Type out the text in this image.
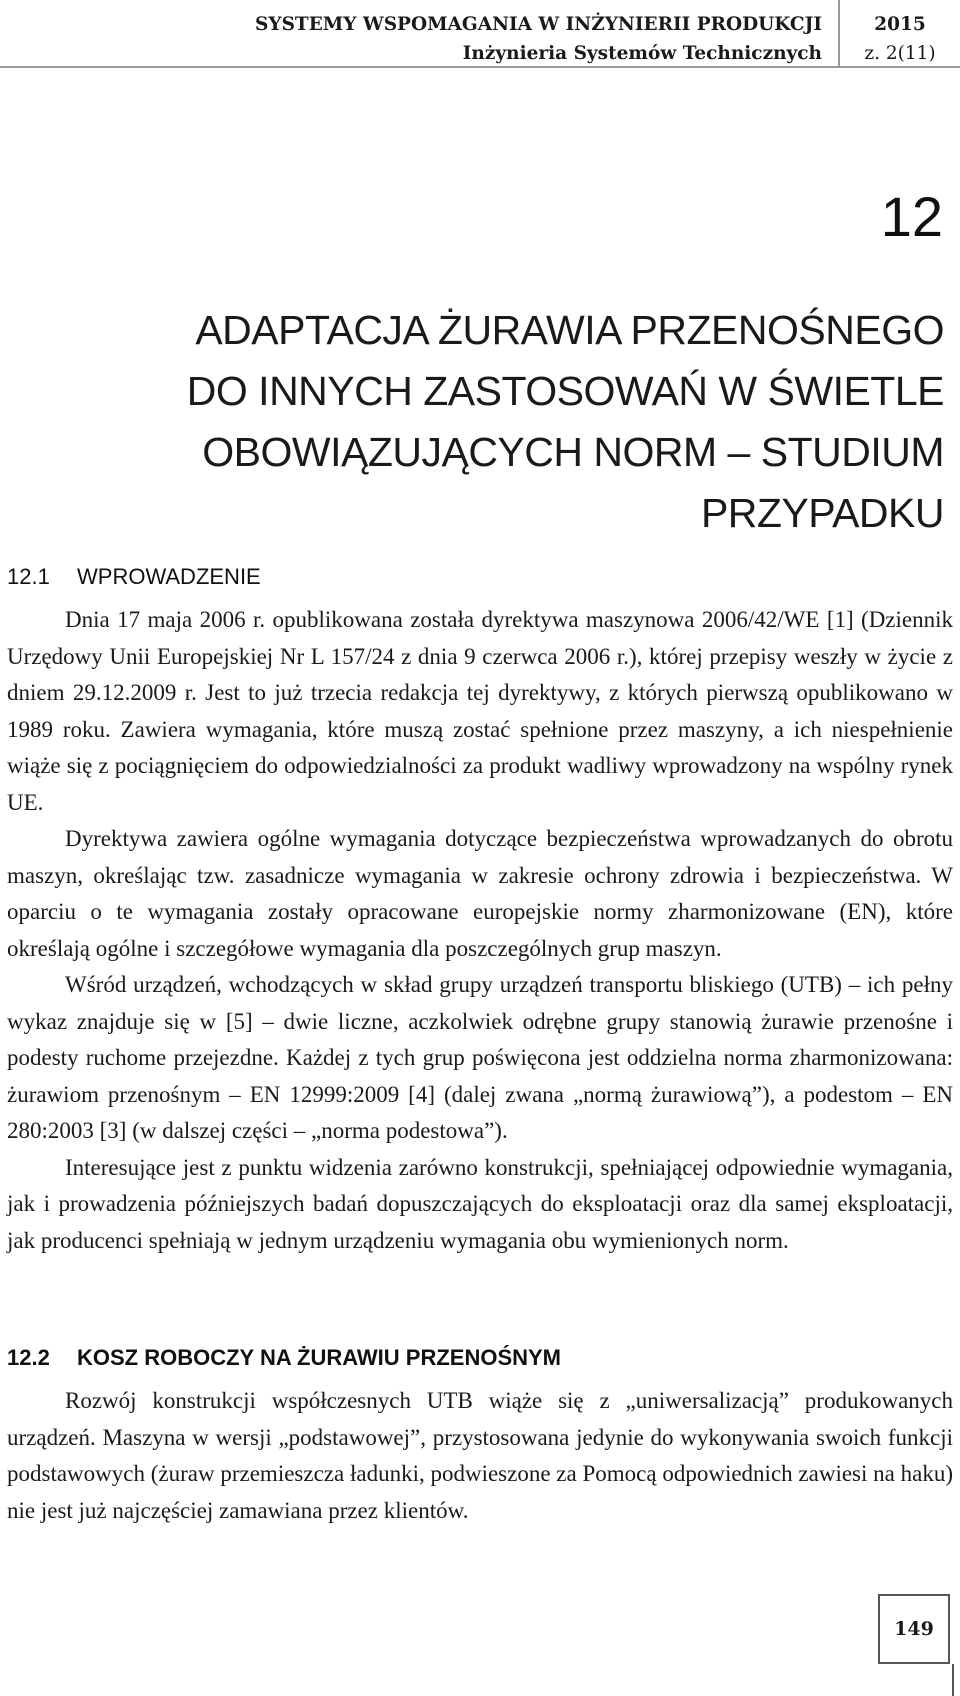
SYSTEMY WSPOMAGANIA W INŻYNIERII PRODUKCJI
Inżynieria Systemów Technicznych
2015
z. 2(11)
12
ADAPTACJA ŻURAWIA PRZENOŚNEGO
DO INNYCH ZASTOSOWAŃ W ŚWIETLE
OBOWIĄZUJĄCYCH NORM – STUDIUM
PRZYPADKU
12.1 WPROWADZENIE

Dnia 17 maja 2006 r. opublikowana została dyrektywa maszynowa 2006/42/WE [1] (Dziennik Urzędowy Unii Europejskiej Nr L 157/24 z dnia 9 czerwca 2006 r.), której przepisy weszły w życie z dniem 29.12.2009 r. Jest to już trzecia redakcja tej dyrektywy, z których pierwszą opublikowano w 1989 roku. Zawiera wymagania, które muszą zostać spełnione przez maszyny, a ich niespełnienie wiąże się z pociągnięciem do odpowiedzialności za produkt wadliwy wprowadzony na wspólny rynek UE.

Dyrektywa zawiera ogólne wymagania dotyczące bezpieczeństwa wprowadzanych do obrotu maszyn, określając tzw. zasadnicze wymagania w zakresie ochrony zdrowia i bezpieczeństwa. W oparciu o te wymagania zostały opracowane europejskie normy zharmonizowane (EN), które określają ogólne i szczegółowe wymagania dla poszczególnych grup maszyn.

Wśród urządzeń, wchodzących w skład grupy urządzeń transportu bliskiego (UTB) – ich pełny wykaz znajduje się w [5] – dwie liczne, aczkolwiek odrębne grupy stanowią żurawie przenośne i podesty ruchome przejezdne. Każdej z tych grup poświęcona jest oddzielna norma zharmonizowana: żurawiom przenośnym – EN 12999:2009 [4] (dalej zwana „normą żurawiową”), a podestom – EN 280:2003 [3] (w dalszej części – „norma podestowa”).

Interesujące jest z punktu widzenia zarówno konstrukcji, spełniającej odpowiednie wymagania, jak i prowadzenia późniejszych badań dopuszczających do eksploatacji oraz dla samej eksploatacji, jak producenci spełniają w jednym urządzeniu wymagania obu wymienionych norm.

12.2 KOSZ ROBOCZY NA ŻURAWIU PRZENOŚNYM

Rozwój konstrukcji współczesnych UTB wiąże się z „uniwersalizacją” produkowanych urządzeń. Maszyna w wersji „podstawowej”, przystosowana jedynie do wykonywania swoich funkcji podstawowych (żuraw przemieszcza ładunki, podwieszone za Pomocą odpowiednich zawiesi na haku) nie jest już najczęściej zamawiana przez klientów.

149
